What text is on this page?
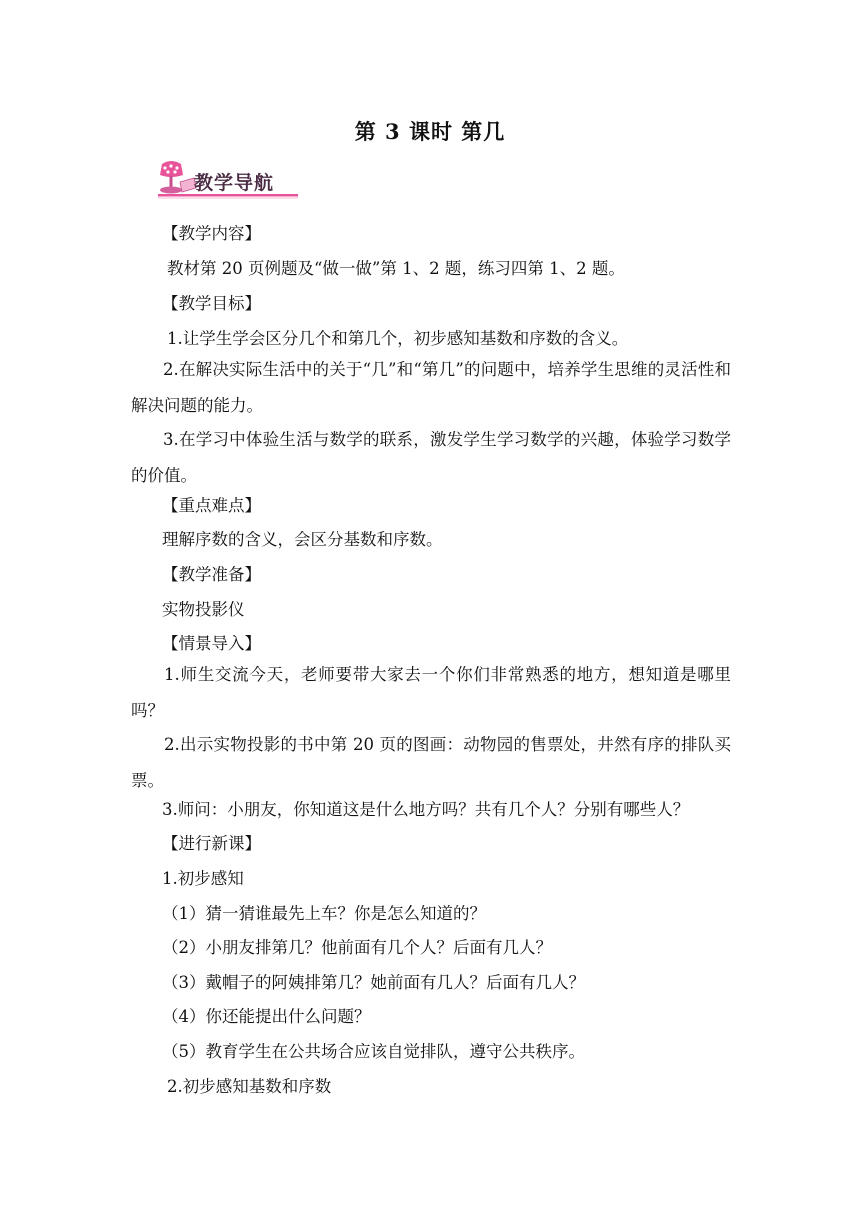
第 3 课时 第几
教学导航
【教学内容】
教材第 20 页例题及“做一做”第 1、2 题，练习四第 1、2 题。
【教学目标】
1.让学生学会区分几个和第几个，初步感知基数和序数的含义。
2.在解决实际生活中的关于“几”和“第几”的问题中，培养学生思维的灵活性和解决问题的能力。
3.在学习中体验生活与数学的联系，激发学生学习数学的兴趣，体验学习数学的价值。
【重点难点】
理解序数的含义，会区分基数和序数。
【教学准备】
实物投影仪
【情景导入】
1.师生交流今天，老师要带大家去一个你们非常熟悉的地方，想知道是哪里吗？
2.出示实物投影的书中第 20 页的图画：动物园的售票处，井然有序的排队买票。
3.师问：小朋友，你知道这是什么地方吗？共有几个人？分别有哪些人？
【进行新课】
1.初步感知
（1）猜一猜谁最先上车？你是怎么知道的？
（2）小朋友排第几？他前面有几个人？后面有几人？
（3）戴帽子的阿姨排第几？她前面有几人？后面有几人？
（4）你还能提出什么问题？
（5）教育学生在公共场合应该自觉排队，遵守公共秩序。
2.初步感知基数和序数
